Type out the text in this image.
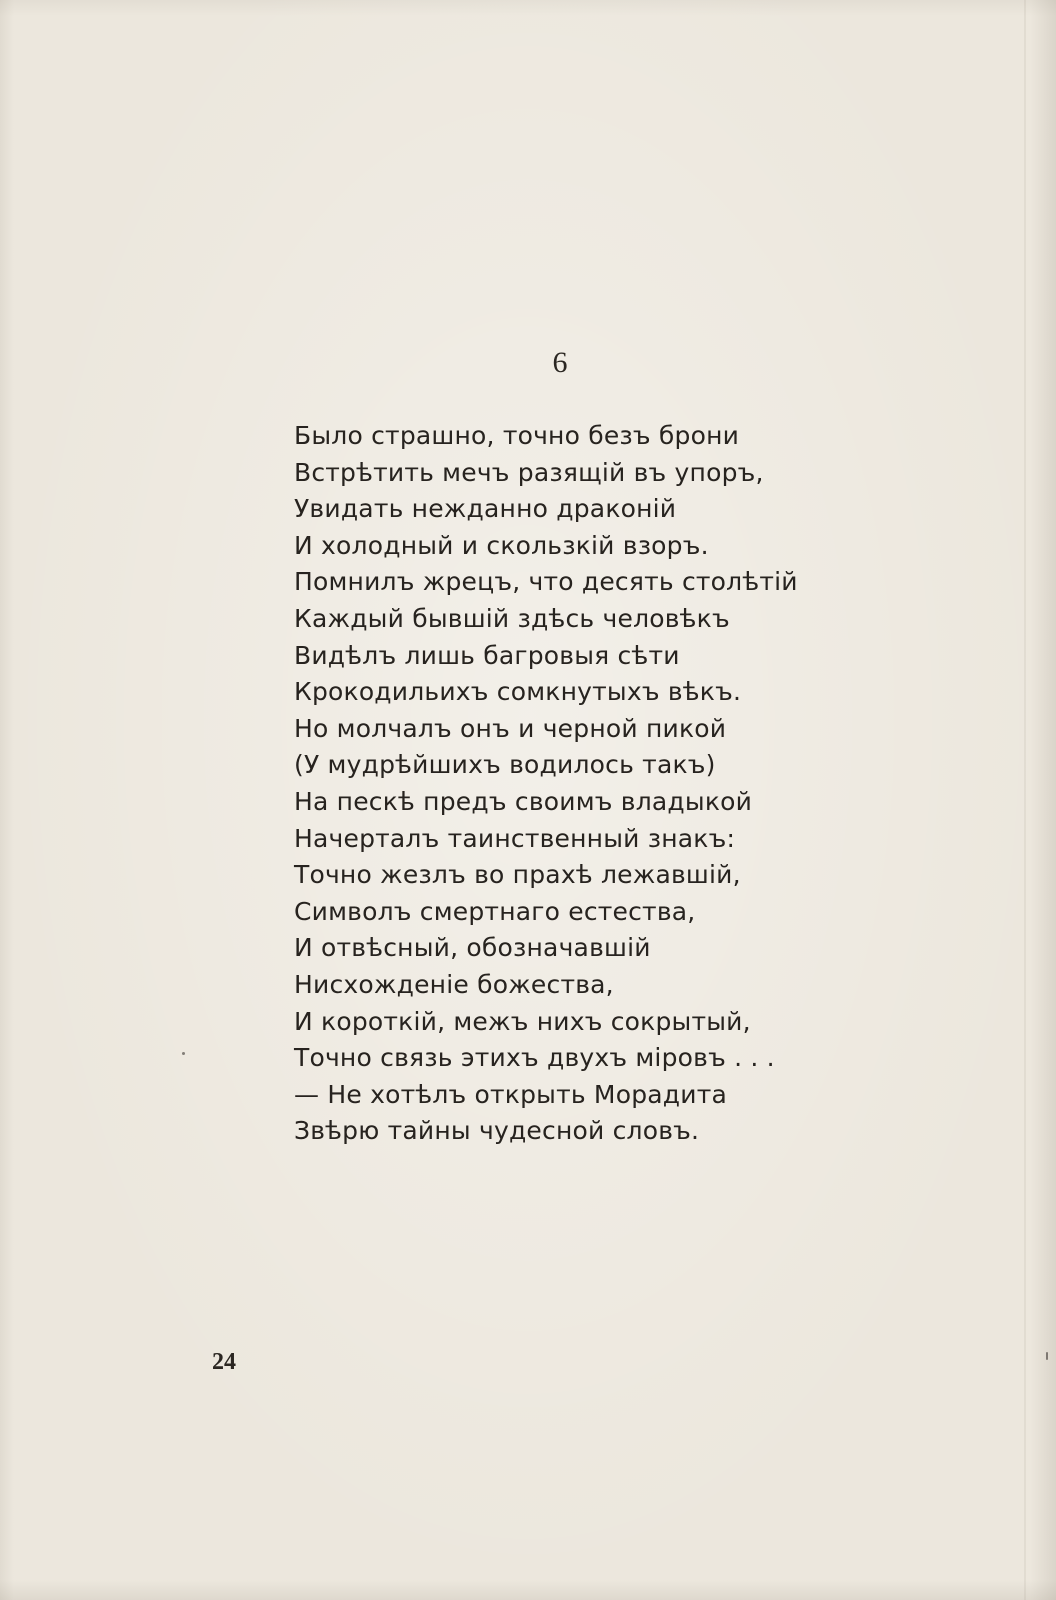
6
Было страшно, точно безъ брони
Встрѣтить мечъ разящій въ упоръ,
Увидать нежданно драконій
И холодный и скользкій взоръ.
Помнилъ жрецъ, что десять столѣтій
Каждый бывшій здѣсь человѣкъ
Видѣлъ лишь багровыя сѣти
Крокодильихъ сомкнутыхъ вѣкъ.
Но молчалъ онъ и черной пикой
(У мудрѣйшихъ водилось такъ)
На пескѣ предъ своимъ владыкой
Начерталъ таинственный знакъ:
Точно жезлъ во прахѣ лежавшій,
Символъ смертнаго естества,
И отвѣсный, обозначавшій
Нисхожденіе божества,
И короткій, межъ нихъ сокрытый,
Точно связь этихъ двухъ міровъ . . .
— Не хотѣлъ открыть Морадита
Звѣрю тайны чудесной словъ.
24
